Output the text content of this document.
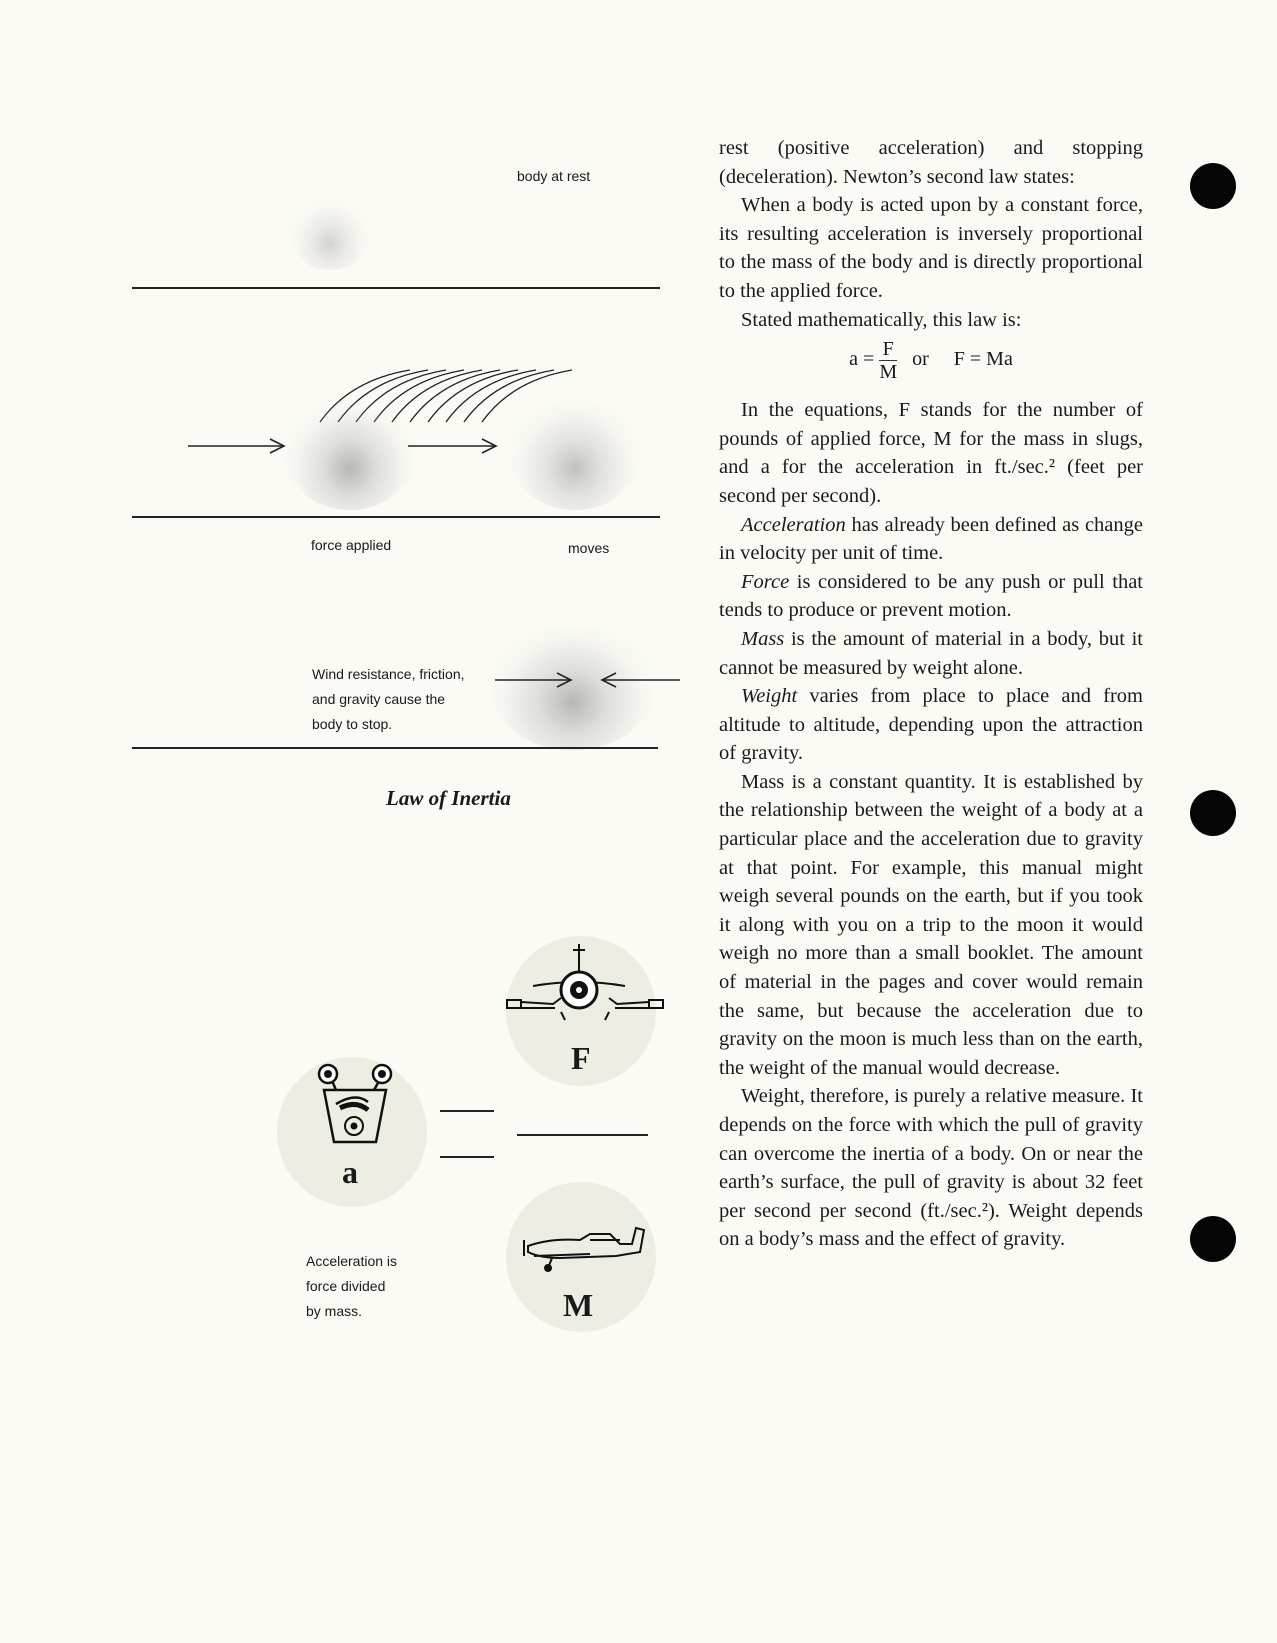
body at rest
force applied	moves
Wind resistance, friction,
and gravity cause the
body to stop.
Law of Inertia
F
a
M
Acceleration is
force divided
by mass.

rest (positive acceleration) and stopping (deceleration). Newton’s second law states:

When a body is acted upon by a constant force, its resulting acceleration is inversely proportional to the mass of the body and is directly proportional to the applied force.

Stated mathematically, this law is:

$a = \frac{F}{M}$ or F = Ma

In the equations, F stands for the number of pounds of applied force, M for the mass in slugs, and a for the acceleration in ft./sec.² (feet per second per second).

Acceleration has already been defined as change in velocity per unit of time.

Force is considered to be any push or pull that tends to produce or prevent motion.

Mass is the amount of material in a body, but it cannot be measured by weight alone.

Weight varies from place to place and from altitude to altitude, depending upon the attraction of gravity.

Mass is a constant quantity. It is established by the relationship between the weight of a body at a particular place and the acceleration due to gravity at that point. For example, this manual might weigh several pounds on the earth, but if you took it along with you on a trip to the moon it would weigh no more than a small booklet. The amount of material in the pages and cover would remain the same, but because the acceleration due to gravity on the moon is much less than on the earth, the weight of the manual would decrease.

Weight, therefore, is purely a relative measure. It depends on the force with which the pull of gravity can overcome the inertia of a body. On or near the earth’s surface, the pull of gravity is about 32 feet per second per second (ft./sec.²). Weight depends on a body’s mass and the effect of gravity.
